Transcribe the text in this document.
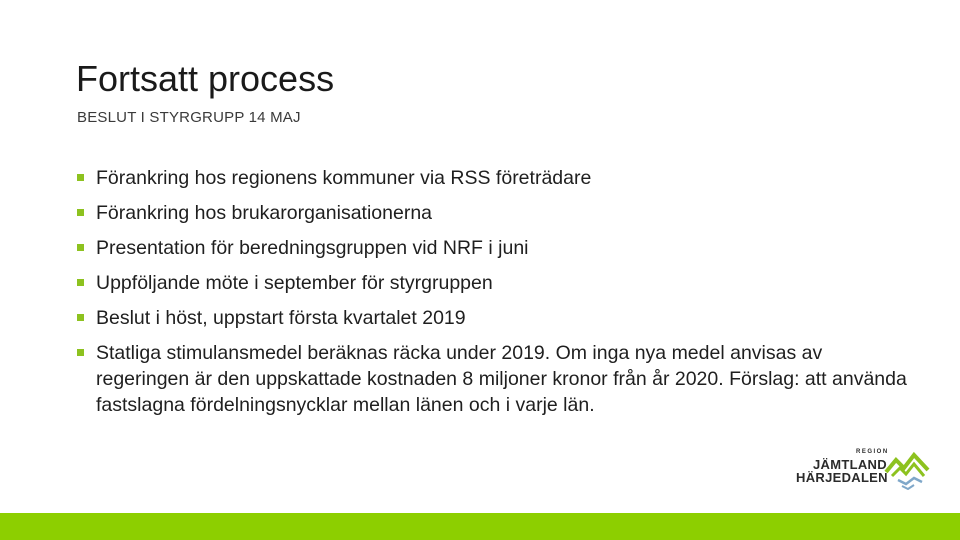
Fortsatt process
BESLUT I STYRGRUPP 14 MAJ
Förankring hos regionens kommuner via RSS företrädare
Förankring hos brukarorganisationerna
Presentation för beredningsgruppen vid NRF i juni
Uppföljande möte i september för styrgruppen
Beslut i höst, uppstart första kvartalet 2019
Statliga stimulansmedel beräknas räcka under 2019. Om inga nya medel anvisas av regeringen är den uppskattade kostnaden 8 miljoner kronor från år 2020. Förslag: att använda fastslagna fördelningsnycklar mellan länen och i varje län.
REGION
JÄMTLAND
HÄRJEDALEN
